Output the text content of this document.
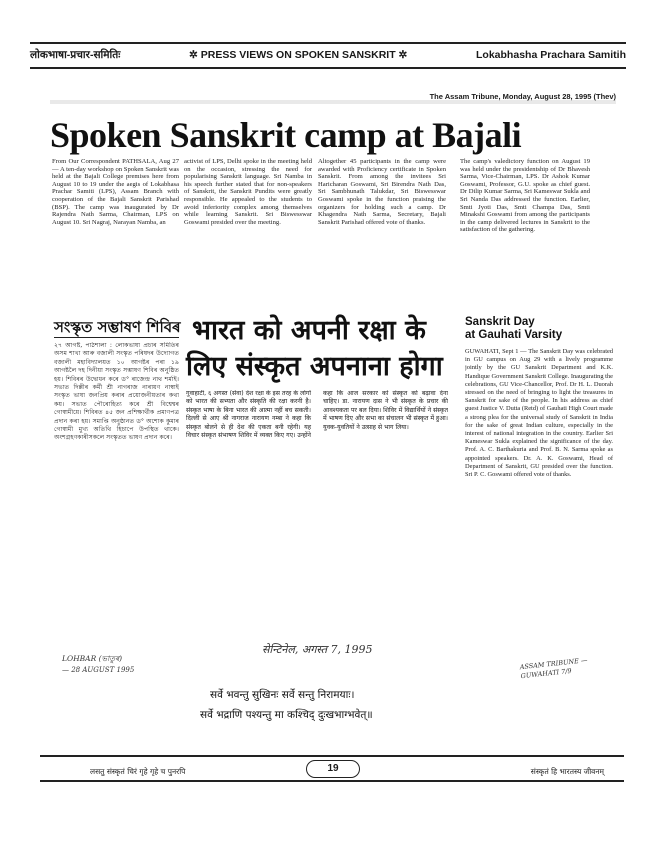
लोकभाषा-प्रचार-समितिः	✲ PRESS VIEWS ON SPOKEN SANSKRIT ✲	Lokabhasha Prachara Samitih
The Assam Tribune, Monday, August 28, 1995 (Thev)
Spoken Sanskrit camp at Bajali

From Our Correspondent PATHSALA, Aug 27 — A ten-day workshop on Spoken Sanskrit was held at the Bajali College premises here from August 10 to 19 under the aegis of Lokabhasa Prachar Samiti (LPS), Assam Branch with cooperation of the Bajali Sanskrit Parishad (BSP). The camp was inaugurated by Dr Rajendra Nath Sarma, Chairman, LPS on August 10. Sri Nagraj, Narayan Namba, an

activist of LPS, Delhi spoke in the meeting held on the occasion, stressing the need for popularising Sanskrit language. Sri Namba in his speech further stated that for non-speakers of Sanskrit, the Sanskrit Pundits were greatly responsible. He appealed to the students to avoid inferiority complex among themselves while learning Sanskrit. Sri Biswesswar Goswami presided over the meeting.

Altogether 45 participants in the camp were awarded with Proficiency certificate in Spoken Sanskrit. From among the invitees Sri Haricharan Goswami, Sri Birendra Nath Das, Sri Sambhunath Talukdar, Sri Biswesswar Goswami spoke in the function praising the organizers for holding such a camp. Dr Khagendra Nath Sarma, Secretary, Bajali Sanskrit Parishad offered vote of thanks.

The camp's valedictory function on August 19 was held under the presidentship of Dr Bhavesh Sarma, Vice-Chairman, LPS. Dr Ashok Kumar Goswami, Professor, G.U. spoke as chief guest. Dr Dilip Kumar Sarma, Sri Kameswar Sukla and Sri Nanda Das addressed the function. Earlier, Smti Jyoti Das, Smti Champa Das, Smti Minakshi Goswami from among the participants in the camp delivered lectures in Sanskrit to the satisfaction of the gathering.

সংস্কৃত সম্ভাষণ শিবিৰ
২৭ আগষ্ট, পাঠশালা : লোকভাষা প্ৰচাৰ সমিতিৰ অসম শাখা আৰু বজালী সংস্কৃত পৰিষদৰ উদ্যোগত বজালী মহাবিদ্যালয়ত ১০ আগষ্টৰ পৰা ১৯ আগষ্টলৈ দহ দিনীয়া সংস্কৃত সম্ভাষণ শিবিৰ অনুষ্ঠিত হয়। শিবিৰৰ উদ্বোধন কৰে ড° ৰাজেন্দ্ৰ নাথ শৰ্মাই। সভাত দিল্লীৰ কৰ্মী শ্ৰী নাগৰাজ নাৰায়ণ নাম্বাই সংস্কৃত ভাষা জনপ্ৰিয় কৰাৰ প্ৰয়োজনীয়তাৰ কথা কয়। সভাত পৌৰোহিত্য কৰে শ্ৰী বিশ্বেশ্বৰ গোস্বামীয়ে। শিবিৰত ৪৫ জন প্ৰশিক্ষাৰ্থীক প্ৰমাণপত্ৰ প্ৰদান কৰা হয়। সমাপ্তি অনুষ্ঠানত ড° অশোক কুমাৰ গোস্বামী মুখ্য অতিথি হিচাপে উপস্থিত থাকে। অংশগ্ৰহণকাৰীসকলে সংস্কৃতত ভাষণ প্ৰদান কৰে।
LOHBAR (ভাতুৰ)
— 28 AUGUST 1995
भारत को अपनी रक्षा के
लिए संस्कृत अपनाना होगा
गुवाहाटी, ६ अगस्त (सेवा) देश रक्षा के इस तरह के लोगों को भारत की सभ्यता और संस्कृति की रक्षा करनी है। संस्कृत भाषा के बिना भारत की आत्मा नहीं बच सकती। दिल्ली से आए श्री नागराज नारायण नम्बा ने कहा कि संस्कृत बोलने से ही देश की एकता बनी रहेगी। यह विचार संस्कृत संभाषण शिविर में व्यक्त किए गए। उन्होंने कहा कि आज सरकार को संस्कृत को बढ़ावा देना चाहिए। डा. नारायण दास ने भी संस्कृत के प्रचार की आवश्यकता पर बल दिया। शिविर में विद्यार्थियों ने संस्कृत में भाषण दिए और सभा का संचालन भी संस्कृत में हुआ। युवक-युवतियों ने उत्साह से भाग लिया।
सेन्टिनेल, अगस्त 7, 1995
Sanskrit Day
at Gauhati Varsity

GUWAHATI, Sept 1 — The Sanskrit Day was celebrated in GU campus on Aug 29 with a lively programme jointly by the GU Sanskrit Department and K.K. Handique Government Sanskrit College. Inaugurating the celebrations, GU Vice-Chancellor, Prof. Dr H. L. Duorah stressed on the need of bringing to light the treasures in Sanskrit for sake of the people. In his address as chief guest Justice V. Dutta (Retd) of Gauhati High Court made a strong plea for the universal study of Sanskrit in India for the sake of great Indian culture, especially in the interest of national integration in the country. Earlier Sri Kameswar Sukla explained the significance of the day. Prof. A. C. Barthakuria and Prof. B. N. Sarma spoke as appointed speakers. Dr. A. K. Goswami, Head of Department of Sanskrit, GU presided over the function. Sri P. C. Goswami offered vote of thanks.

ASSAM TRIBUNE — GUWAHATI 7/9
सर्वे भवन्तु सुखिनः सर्वे सन्तु निरामयाः।
सर्वे भद्राणि पश्यन्तु मा कश्चिद् दुःखभाग्भवेत्॥
लसतु संस्कृतं चिरं गृहे गृहे च पुनरपि	संस्कृतं हि भारतस्य जीवनम्
19
